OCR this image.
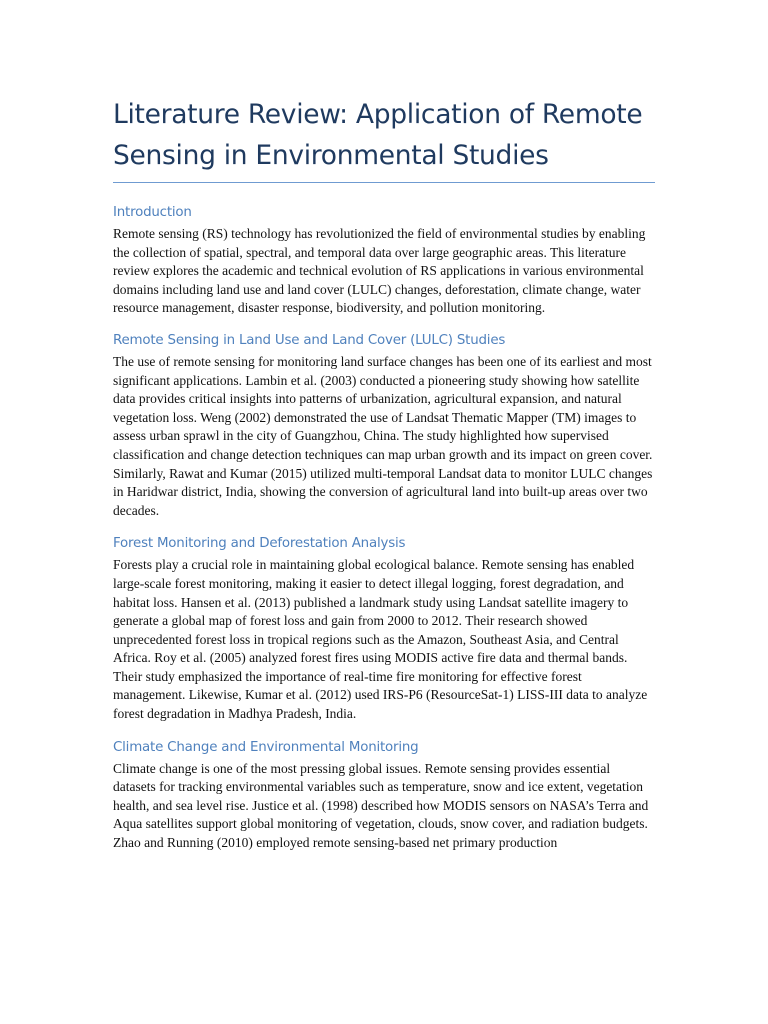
Literature Review: Application of Remote Sensing in Environmental Studies
Introduction

Remote sensing (RS) technology has revolutionized the field of environmental studies by enabling the collection of spatial, spectral, and temporal data over large geographic areas. This literature review explores the academic and technical evolution of RS applications in various environmental domains including land use and land cover (LULC) changes, deforestation, climate change, water resource management, disaster response, biodiversity, and pollution monitoring.

Remote Sensing in Land Use and Land Cover (LULC) Studies

The use of remote sensing for monitoring land surface changes has been one of its earliest and most significant applications. Lambin et al. (2003) conducted a pioneering study showing how satellite data provides critical insights into patterns of urbanization, agricultural expansion, and natural vegetation loss. Weng (2002) demonstrated the use of Landsat Thematic Mapper (TM) images to assess urban sprawl in the city of Guangzhou, China. The study highlighted how supervised classification and change detection techniques can map urban growth and its impact on green cover. Similarly, Rawat and Kumar (2015) utilized multi-temporal Landsat data to monitor LULC changes in Haridwar district, India, showing the conversion of agricultural land into built-up areas over two decades.

Forest Monitoring and Deforestation Analysis

Forests play a crucial role in maintaining global ecological balance. Remote sensing has enabled large-scale forest monitoring, making it easier to detect illegal logging, forest degradation, and habitat loss. Hansen et al. (2013) published a landmark study using Landsat satellite imagery to generate a global map of forest loss and gain from 2000 to 2012. Their research showed unprecedented forest loss in tropical regions such as the Amazon, Southeast Asia, and Central Africa. Roy et al. (2005) analyzed forest fires using MODIS active fire data and thermal bands. Their study emphasized the importance of real-time fire monitoring for effective forest management. Likewise, Kumar et al. (2012) used IRS-P6 (ResourceSat-1) LISS-III data to analyze forest degradation in Madhya Pradesh, India.

Climate Change and Environmental Monitoring

Climate change is one of the most pressing global issues. Remote sensing provides essential datasets for tracking environmental variables such as temperature, snow and ice extent, vegetation health, and sea level rise. Justice et al. (1998) described how MODIS sensors on NASA’s Terra and Aqua satellites support global monitoring of vegetation, clouds, snow cover, and radiation budgets. Zhao and Running (2010) employed remote sensing-based net primary production
